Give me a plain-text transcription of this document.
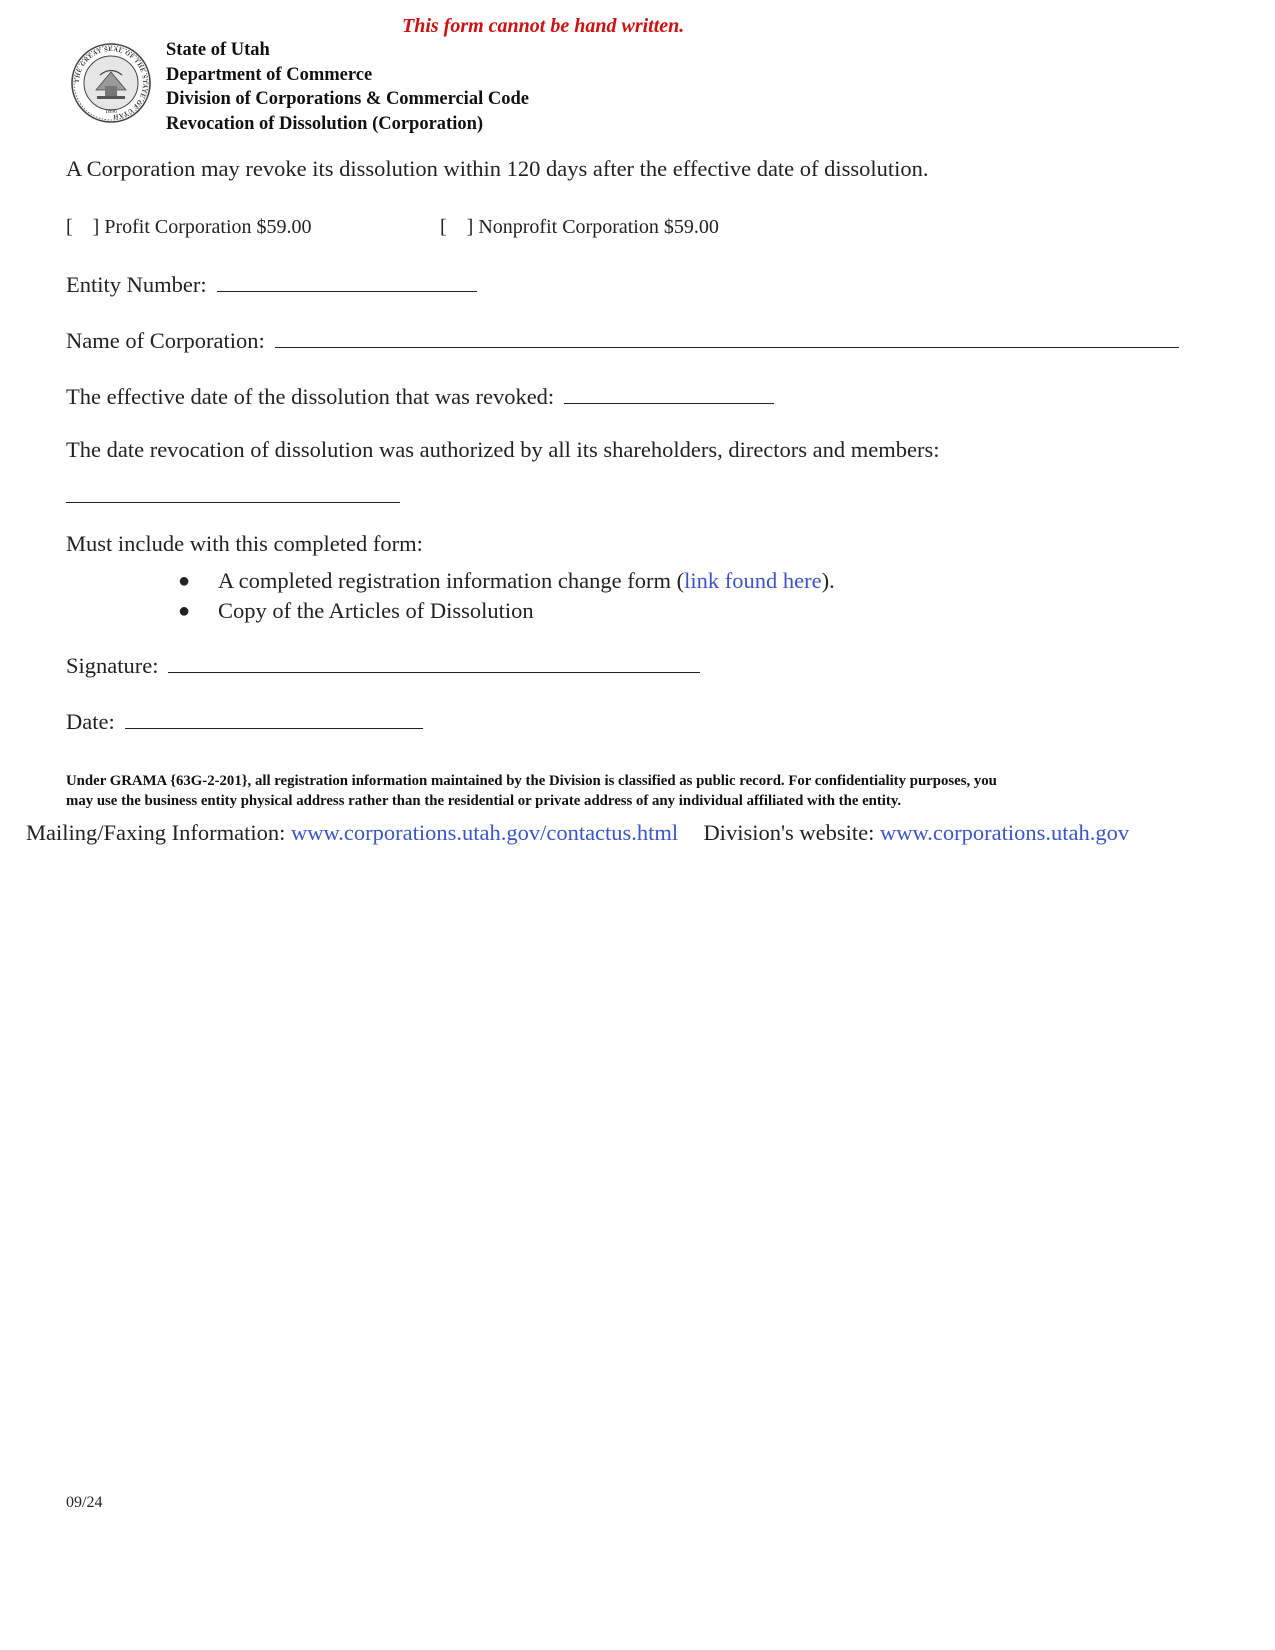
This form cannot be hand written.
THE GREAT SEAL OF THE STATE OF UTAH
1896
State of Utah
Department of Commerce
Division of Corporations & Commercial Code
Revocation of Dissolution (Corporation)
A Corporation may revoke its dissolution within 120 days after the effective date of dissolution.
[    ] Profit Corporation $59.00	[    ] Nonprofit Corporation $59.00
Entity Number:
Name of Corporation:
The effective date of the dissolution that was revoked:
The date revocation of dissolution was authorized by all its shareholders, directors and members:
Must include with this completed form:
● A completed registration information change form (link found here).
● Copy of the Articles of Dissolution
Signature:
Date:
Under GRAMA {63G-2-201}, all registration information maintained by the Division is classified as public record. For confidentiality purposes, you
may use the business entity physical address rather than the residential or private address of any individual affiliated with the entity.
Mailing/Faxing Information: www.corporations.utah.gov/contactus.html Division's website: www.corporations.utah.gov
09/24
